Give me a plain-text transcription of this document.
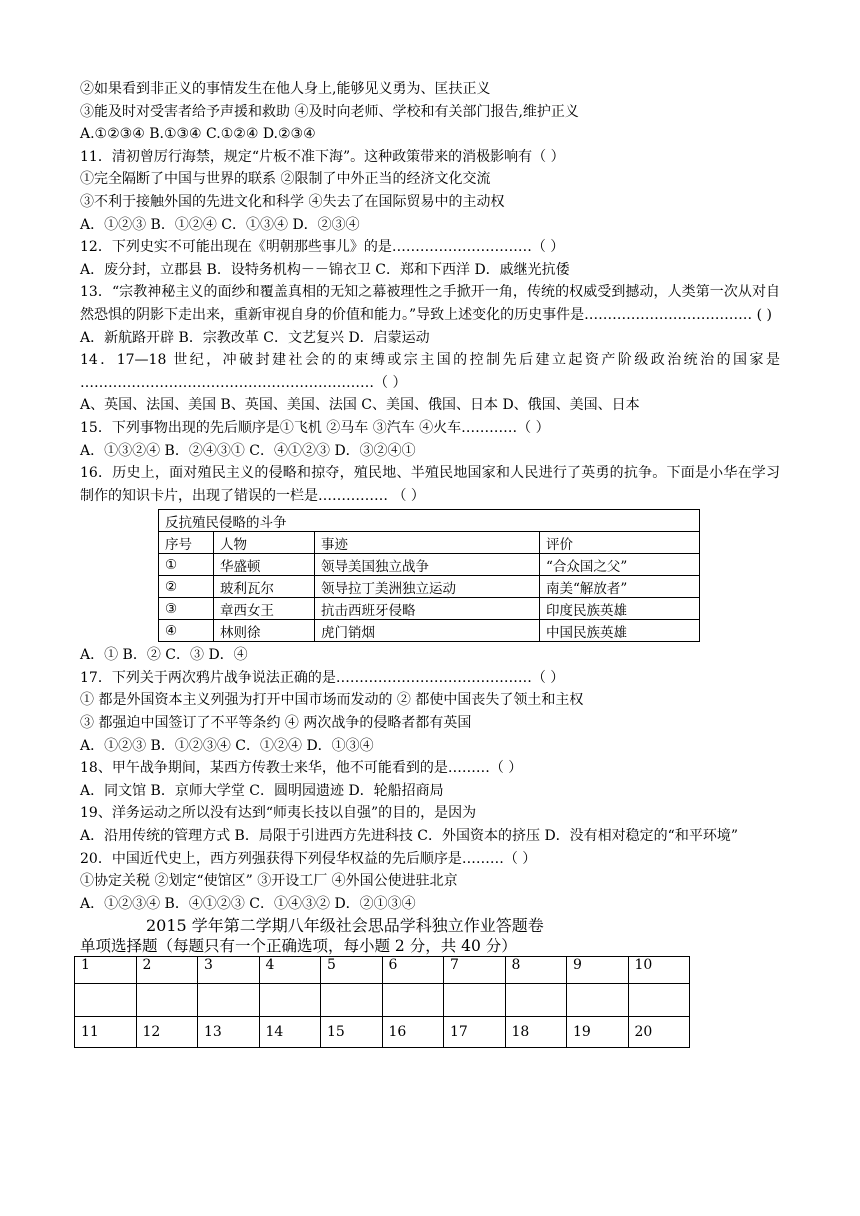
②如果看到非正义的事情发生在他人身上,能够见义勇为、匡扶正义
③能及时对受害者给予声援和救助 ④及时向老师、学校和有关部门报告,维护正义
A.①②③④ B.①③④ C.①②④ D.②③④
11．清初曾厉行海禁，规定“片板不准下海”。这种政策带来的消极影响有（ ）
①完全隔断了中国与世界的联系 ②限制了中外正当的经济文化交流
③不利于接触外国的先进文化和科学 ④失去了在国际贸易中的主动权
A．①②③ B．①②④ C．①③④ D．②③④
12．下列史实不可能出现在《明朝那些事儿》的是…………………………（ ）
A．废分封，立郡县 B．设特务机构－－锦衣卫 C．郑和下西洋 D．戚继光抗倭
13．“宗教神秘主义的面纱和覆盖真相的无知之幕被理性之手掀开一角，传统的权威受到撼动，人类第一次从对自然恐惧的阴影下走出来，重新审视自身的价值和能力。”导致上述变化的历史事件是……………………………… ( )
A．新航路开辟 B．宗教改革 C．文艺复兴 D．启蒙运动
14．17—18 世纪，冲破封建社会的的束缚或宗主国的控制先后建立起资产阶级政治统治的国家是 ………………………………………………………（ ）
A、英国、法国、美国 B、英国、美国、法国 C、美国、俄国、日本 D、俄国、美国、日本
15．下列事物出现的先后顺序是①飞机 ②马车 ③汽车 ④火车…………（ ）
A．①③②④ B．②④③① C．④①②③ D．③②④①
16．历史上，面对殖民主义的侵略和掠夺，殖民地、半殖民地国家和人民进行了英勇的抗争。下面是小华在学习制作的知识卡片，出现了错误的一栏是…………… （ ）
反抗殖民侵略的斗争			
序号	人物	事迹	评价
①	华盛顿	领导美国独立战争	“合众国之父”
②	玻利瓦尔	领导拉丁美洲独立运动	南美“解放者”
③	章西女王	抗击西班牙侵略	印度民族英雄
④	林则徐	虎门销烟	中国民族英雄
A．① B．② C．③ D．④
17．下列关于两次鸦片战争说法正确的是……………………………………（ ）
① 都是外国资本主义列强为打开中国市场而发动的 ② 都使中国丧失了领土和主权
③ 都强迫中国签订了不平等条约 ④ 两次战争的侵略者都有英国
A．①②③ B．①②③④ C．①②④ D．①③④
18、甲午战争期间，某西方传教士来华，他不可能看到的是………（ ）
A．同文馆 B．京师大学堂 C．圆明园遗迹 D．轮船招商局
19、洋务运动之所以没有达到“师夷长技以自强”的目的，是因为
A．沿用传统的管理方式 B．局限于引进西方先进科技 C．外国资本的挤压 D．没有相对稳定的“和平环境”
20．中国近代史上，西方列强获得下列侵华权益的先后顺序是………（ ）
①协定关税 ②划定“使馆区” ③开设工厂 ④外国公使进驻北京
A．①②③④ B．④①②③ C．①④③② D．②①③④
2015 学年第二学期八年级社会思品学科独立作业答题卷
单项选择题（每题只有一个正确选项，每小题 2 分，共 40 分）
1	2	3	4	5	6	7	8	9	10

11	12	13	14	15	16	17	18	19	20
